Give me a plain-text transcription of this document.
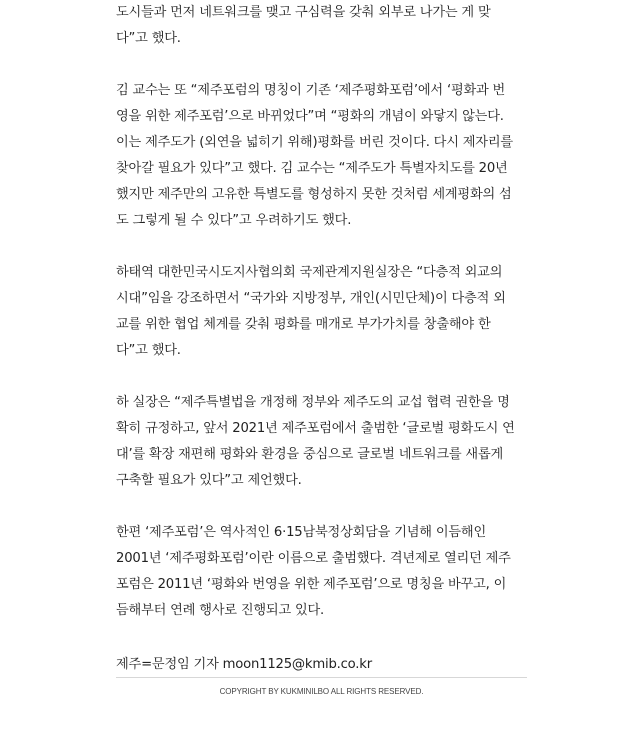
도시들과 먼저 네트워크를 맺고 구심력을 갖춰 외부로 나가는 게 맞
다”고 했다.
김 교수는 또 “제주포럼의 명칭이 기존 ‘제주평화포럼’에서 ‘평화과 번
영을 위한 제주포럼’으로 바뀌었다”며 “평화의 개념이 와닿지 않는다.
이는 제주도가 (외연을 넓히기 위해)평화를 버린 것이다. 다시 제자리를
찾아갈 필요가 있다”고 했다. 김 교수는 “제주도가 특별자치도를 20년
했지만 제주만의 고유한 특별도를 형성하지 못한 것처럼 세계평화의 섬
도 그렇게 될 수 있다”고 우려하기도 했다.
하태역 대한민국시도지사협의회 국제관계지원실장은 “다층적 외교의
시대”임을 강조하면서 “국가와 지방정부, 개인(시민단체)이 다층적 외
교를 위한 협업 체계를 갖춰 평화를 매개로 부가가치를 창출해야 한
다”고 했다.
하 실장은 “제주특별법을 개정해 정부와 제주도의 교섭 협력 권한을 명
확히 규정하고, 앞서 2021년 제주포럼에서 출범한 ‘글로벌 평화도시 연
대’를 확장 재편해 평화와 환경을 중심으로 글로벌 네트워크를 새롭게
구축할 필요가 있다”고 제언했다.
한편 ‘제주포럼’은 역사적인 6·15남북정상회담을 기념해 이듬해인
2001년 ‘제주평화포럼’이란 이름으로 출범했다. 격년제로 열리던 제주
포럼은 2011년 ‘평화와 번영을 위한 제주포럼’으로 명칭을 바꾸고, 이
듬해부터 연례 행사로 진행되고 있다.
제주=문정임 기자 moon1125@kmib.co.kr
COPYRIGHT BY KUKMINILBO ALL RIGHTS RESERVED.
